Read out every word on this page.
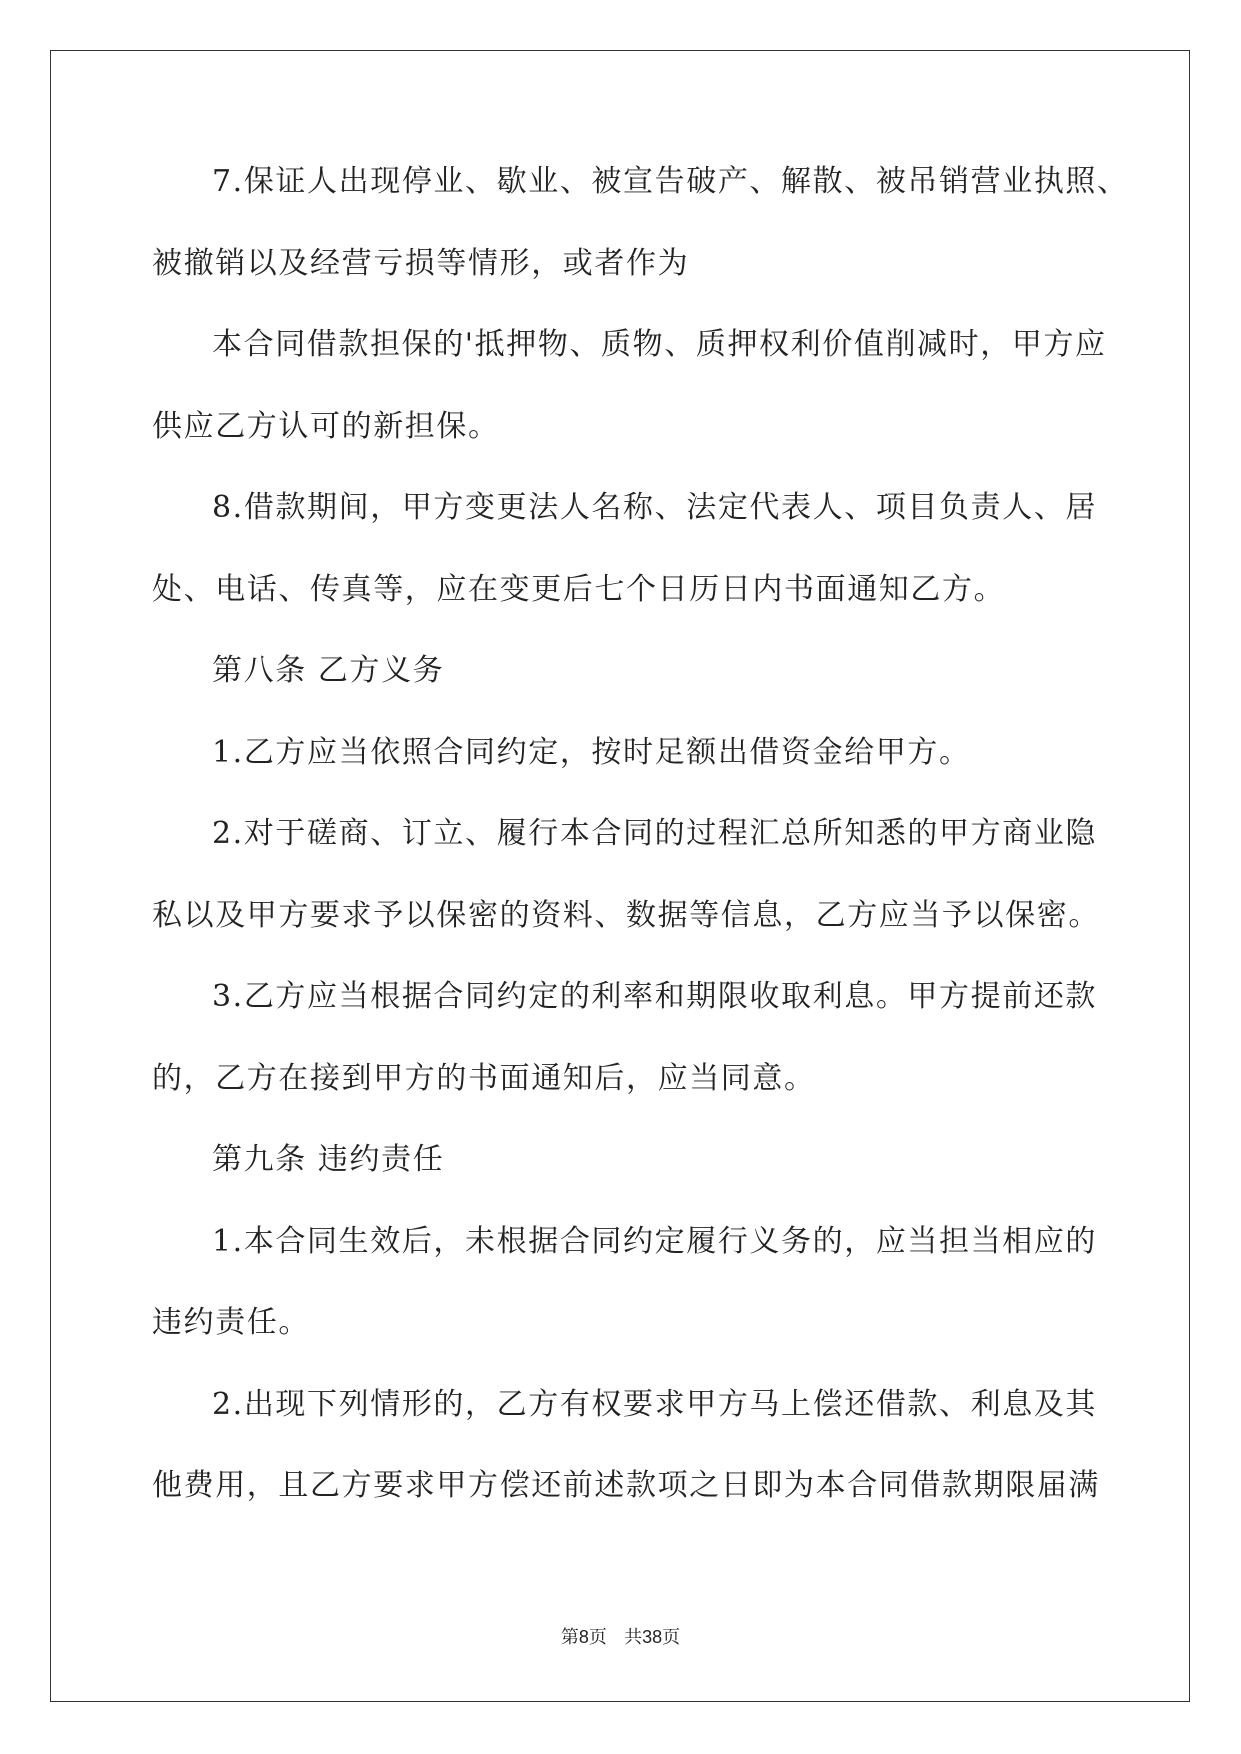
7.保证人出现停业、歇业、被宣告破产、解散、被吊销营业执照、
被撤销以及经营亏损等情形，或者作为
本合同借款担保的'抵押物、质物、质押权利价值削减时，甲方应
供应乙方认可的新担保。
8.借款期间，甲方变更法人名称、法定代表人、项目负责人、居
处、电话、传真等，应在变更后七个日历日内书面通知乙方。
第八条 乙方义务
1.乙方应当依照合同约定，按时足额出借资金给甲方。
2.对于磋商、订立、履行本合同的过程汇总所知悉的甲方商业隐
私以及甲方要求予以保密的资料、数据等信息，乙方应当予以保密。
3.乙方应当根据合同约定的利率和期限收取利息。甲方提前还款
的，乙方在接到甲方的书面通知后，应当同意。
第九条 违约责任
1.本合同生效后，未根据合同约定履行义务的，应当担当相应的
违约责任。
2.出现下列情形的，乙方有权要求甲方马上偿还借款、利息及其
他费用，且乙方要求甲方偿还前述款项之日即为本合同借款期限届满
第8页 共38页
